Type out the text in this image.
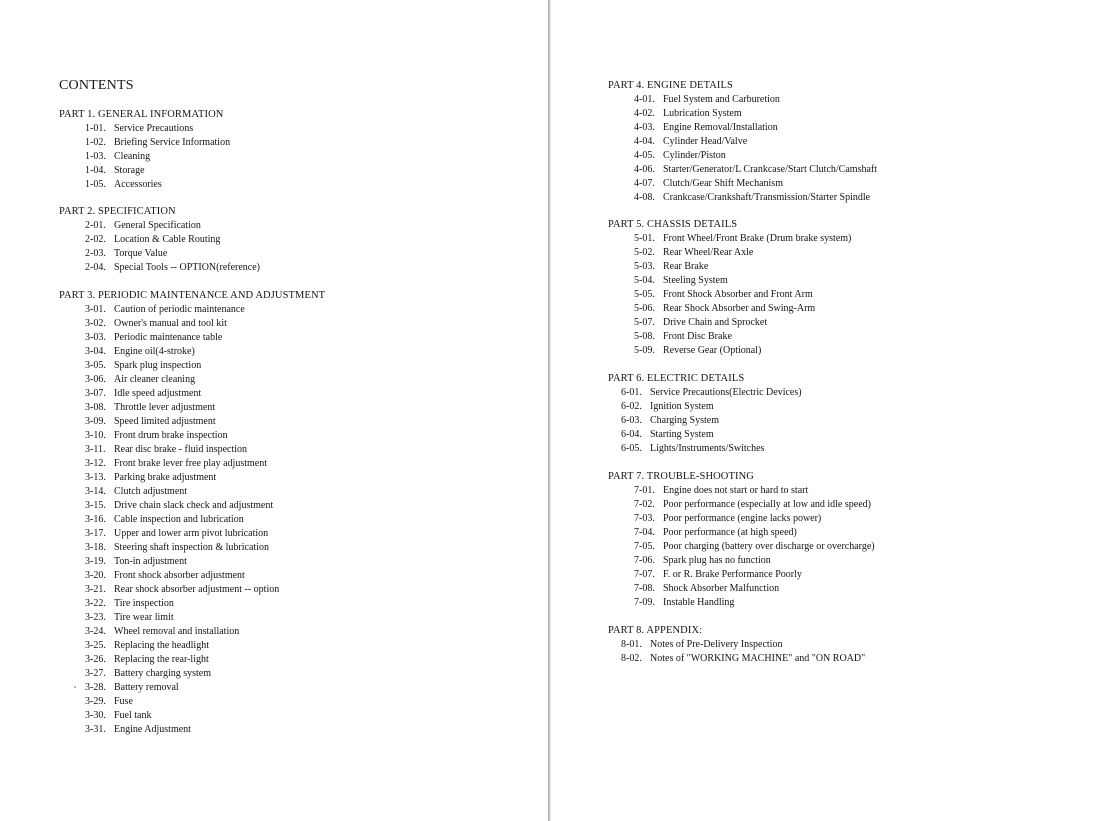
CONTENTS
PART 1. GENERAL INFORMATION
1-01. Service Precautions
1-02. Briefing Service Information
1-03. Cleaning
1-04. Storage
1-05. Accessories
PART 2. SPECIFICATION
2-01. General Specification
2-02. Location & Cable Routing
2-03. Torque Value
2-04. Special Tools -- OPTION(reference)
PART 3. PERIODIC MAINTENANCE AND ADJUSTMENT
3-01. Caution of periodic maintenance
3-02. Owner's manual and tool kit
3-03. Periodic maintenance table
3-04. Engine oil(4-stroke)
3-05. Spark plug inspection
3-06. Air cleaner cleaning
3-07. Idle speed adjustment
3-08. Throttle lever adjustment
3-09. Speed limited adjustment
3-10. Front drum brake inspection
3-11. Rear disc brake - fluid inspection
3-12. Front brake lever free play adjustment
3-13. Parking brake adjustment
3-14. Clutch adjustment
3-15. Drive chain slack check and adjustment
3-16. Cable inspection and lubrication
3-17. Upper and lower arm pivot lubrication
3-18. Steering shaft inspection & lubrication
3-19. Ton-in adjustment
3-20. Front shock absorber adjustment
3-21. Rear shock absorber adjustment -- option
3-22. Tire inspection
3-23. Tire wear limit
3-24. Wheel removal and installation
3-25. Replacing the headlight
3-26. Replacing the rear-light
3-27. Battery charging system
3-28. Battery removal
3-29. Fuse
3-30. Fuel tank
3-31. Engine Adjustment
PART 4. ENGINE DETAILS
4-01. Fuel System and Carburetion
4-02. Lubrication System
4-03. Engine Removal/Installation
4-04. Cylinder Head/Valve
4-05. Cylinder/Piston
4-06. Starter/Generator/L Crankcase/Start Clutch/Camshaft
4-07. Clutch/Gear Shift Mechanism
4-08. Crankcase/Crankshaft/Transmission/Starter Spindle
PART 5. CHASSIS DETAILS
5-01. Front Wheel/Front Brake (Drum brake system)
5-02. Rear Wheel/Rear Axle
5-03. Rear Brake
5-04. Steeling System
5-05. Front Shock Absorber and Front Arm
5-06. Rear Shock Absorber and Swing-Arm
5-07. Drive Chain and Sprocket
5-08. Front Disc Brake
5-09. Reverse Gear (Optional)
PART 6. ELECTRIC DETAILS
6-01. Service Precautions(Electric Devices)
6-02. Ignition System
6-03. Charging System
6-04. Starting System
6-05. Lights/Instruments/Switches
PART 7. TROUBLE-SHOOTING
7-01. Engine does not start or hard to start
7-02. Poor performance (especially at low and idle speed)
7-03. Poor performance (engine lacks power)
7-04. Poor performance (at high speed)
7-05. Poor charging (battery over discharge or overcharge)
7-06. Spark plug has no function
7-07. F. or R. Brake Performance Poorly
7-08. Shock Absorber Malfunction
7-09. Instable Handling
PART 8. APPENDIX:
8-01. Notes of Pre-Delivery Inspection
8-02. Notes of "WORKING MACHINE" and "ON ROAD"
